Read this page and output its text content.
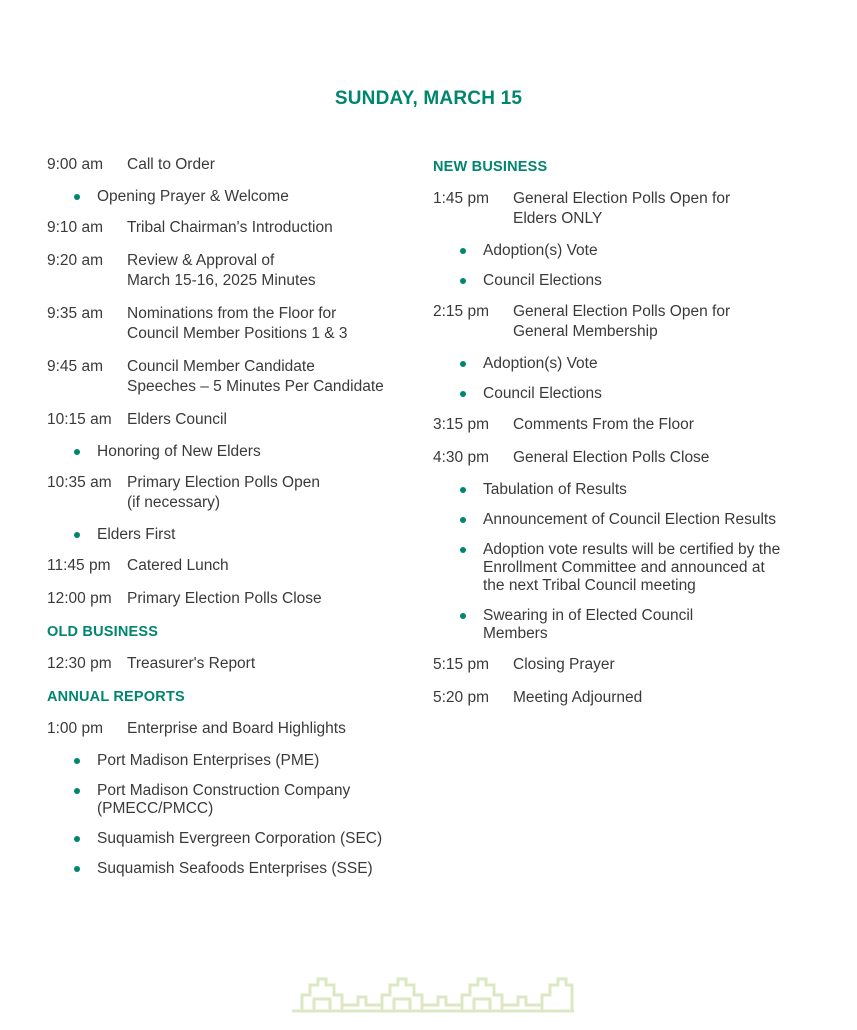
SUNDAY, MARCH 15
9:00 am	Call to Order
Opening Prayer & Welcome
9:10 am	Tribal Chairman's Introduction
9:20 am	Review & Approval of
March 15-16, 2025 Minutes
9:35 am	Nominations from the Floor for
Council Member Positions 1 & 3
9:45 am	Council Member Candidate
Speeches – 5 Minutes Per Candidate
10:15 am Elders Council
Honoring of New Elders
10:35 am Primary Election Polls Open
(if necessary)
Elders First
11:45 pm	Catered Lunch
12:00 pm Primary Election Polls Close
OLD BUSINESS
12:30 pm Treasurer's Report
ANNUAL REPORTS
1:00 pm	Enterprise and Board Highlights
Port Madison Enterprises (PME)
Port Madison Construction Company
(PMECC/PMCC)
Suquamish Evergreen Corporation (SEC)
Suquamish Seafoods Enterprises (SSE)
NEW BUSINESS
1:45 pm	General Election Polls Open for
Elders ONLY
Adoption(s) Vote
Council Elections
2:15 pm	General Election Polls Open for
General Membership
Adoption(s) Vote
Council Elections
3:15 pm	Comments From the Floor
4:30 pm	General Election Polls Close
Tabulation of Results
Announcement of Council Election Results
Adoption vote results will be certified by the
Enrollment Committee and announced at
the next Tribal Council meeting
Swearing in of Elected Council
Members
5:15 pm	Closing Prayer
5:20 pm	Meeting Adjourned
